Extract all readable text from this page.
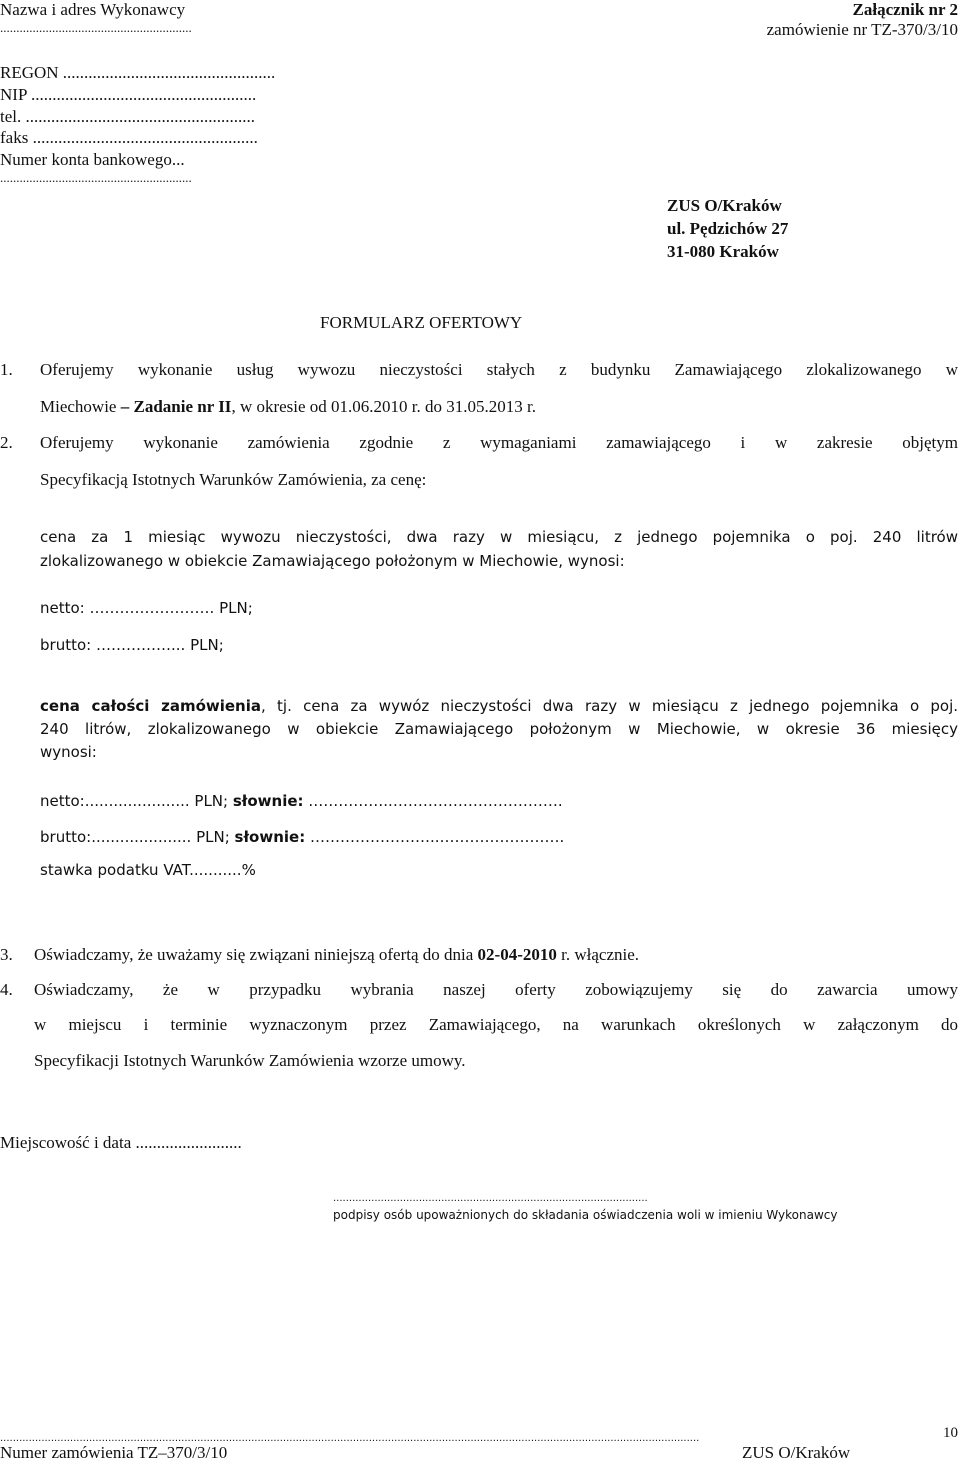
Nazwa i adres Wykonawcy
...........................................................
REGON ..................................................
NIP .....................................................
tel. ......................................................
faks .....................................................
Numer konta bankowego...
...........................................................
Załącznik nr 2
zamówienie nr TZ-370/3/10
ZUS O/Kraków
ul. Pędzichów 27
31-080 Kraków
FORMULARZ OFERTOWY
1. Oferujemy wykonanie usług wywozu nieczystości stałych z budynku Zamawiającego zlokalizowanego w
Miechowie – Zadanie nr II, w okresie od 01.06.2010 r. do 31.05.2013 r.
2. Oferujemy wykonanie zamówienia zgodnie z wymaganiami zamawiającego i w zakresie objętym
Specyfikacją Istotnych Warunków Zamówienia, za cenę:
cena za 1 miesiąc wywozu nieczystości, dwa razy w miesiącu, z jednego pojemnika o poj. 240 litrów
zlokalizowanego w obiekcie Zamawiającego położonym w Miechowie, wynosi:
netto: ……………………. PLN;
brutto: ……………... PLN;
cena całości zamówienia, tj. cena za wywóz nieczystości dwa razy w miesiącu z jednego pojemnika o poj.
240 litrów, zlokalizowanego w obiekcie Zamawiającego położonym w Miechowie, w okresie 36 miesięcy
wynosi:
netto:...................... PLN; słownie: ……………..…………………………….
brutto:..................... PLN; słownie: ……………………..…………………….
stawka podatku VAT...........%
3. Oświadczamy, że uważamy się związani niniejszą ofertą do dnia 02-04-2010 r. włącznie.
4. Oświadczamy, że w przypadku wybrania naszej oferty zobowiązujemy się do zawarcia umowy
w miejscu i terminie wyznaczonym przez Zamawiającego, na warunkach określonych w załączonym do
Specyfikacji Istotnych Warunków Zamówienia wzorze umowy.
Miejscowość i data .........................
...................................................................................................
podpisy osób upoważnionych do składania oświadczenia woli w imieniu Wykonawcy
10
............................................................................................................................................................................................................................
Numer zamówienia TZ–370/3/10	ZUS O/Kraków
